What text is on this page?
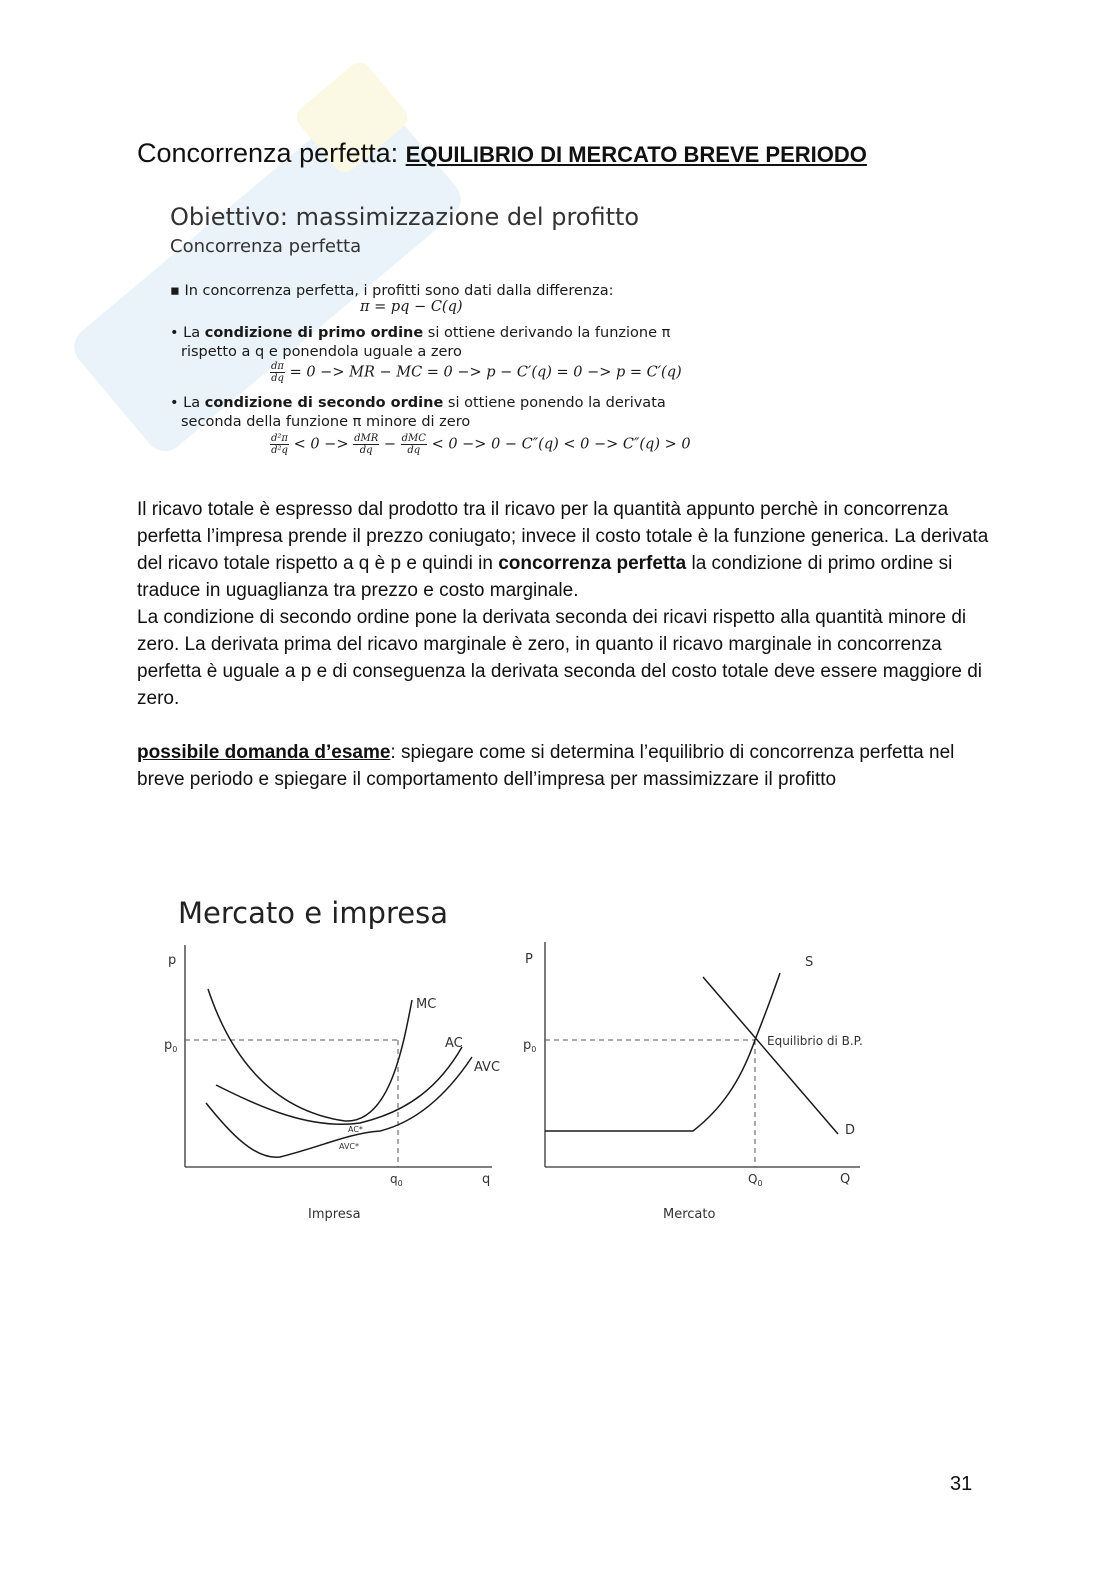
Concorrenza perfetta: EQUILIBRIO DI MERCATO BREVE PERIODO
Obiettivo: massimizzazione del profitto
Concorrenza perfetta
▪ In concorrenza perfetta, i profitti sono dati dalla differenza:
π = pq − C(q)
• La condizione di primo ordine si ottiene derivando la funzione π
rispetto a q e ponendola uguale a zero
$\frac{d\pi}{dq} = 0$ −> MR − MC = 0 −> p − C′(q) = 0 −> p = C′(q)
• La condizione di secondo ordine si ottiene ponendo la derivata
seconda della funzione π minore di zero
$\frac{\text{d²π}}{\text{d²q}} < 0 -> \frac{\text{dMR}}{dq} - \frac{\text{dMC}}{dq} < 0 -> 0 - C''(q) < 0 -> C''(q) > 0$

Il ricavo totale è espresso dal prodotto tra il ricavo per la quantità appunto perchè in concorrenza perfetta l’impresa prende il prezzo coniugato; invece il costo totale è la funzione generica. La derivata del ricavo totale rispetto a q è p e quindi in concorrenza perfetta la condizione di primo ordine si traduce in uguaglianza tra prezzo e costo marginale.

La condizione di secondo ordine pone la derivata seconda dei ricavi rispetto alla quantità minore di zero. La derivata prima del ricavo marginale è zero, in quanto il ricavo marginale in concorrenza perfetta è uguale a p e di conseguenza la derivata seconda del costo totale deve essere maggiore di zero.

possibile domanda d’esame: spiegare come si determina l’equilibrio di concorrenza perfetta nel breve periodo e spiegare il comportamento dell’impresa per massimizzare il profitto

Mercato e impresa
p
$p_0$
q
$q_0$
MC
AC
AVC
AC*
AVC*
Impresa
P
$p_0$
Q
$Q_0$
S
D
Equilibrio di B.P.
Mercato
31
